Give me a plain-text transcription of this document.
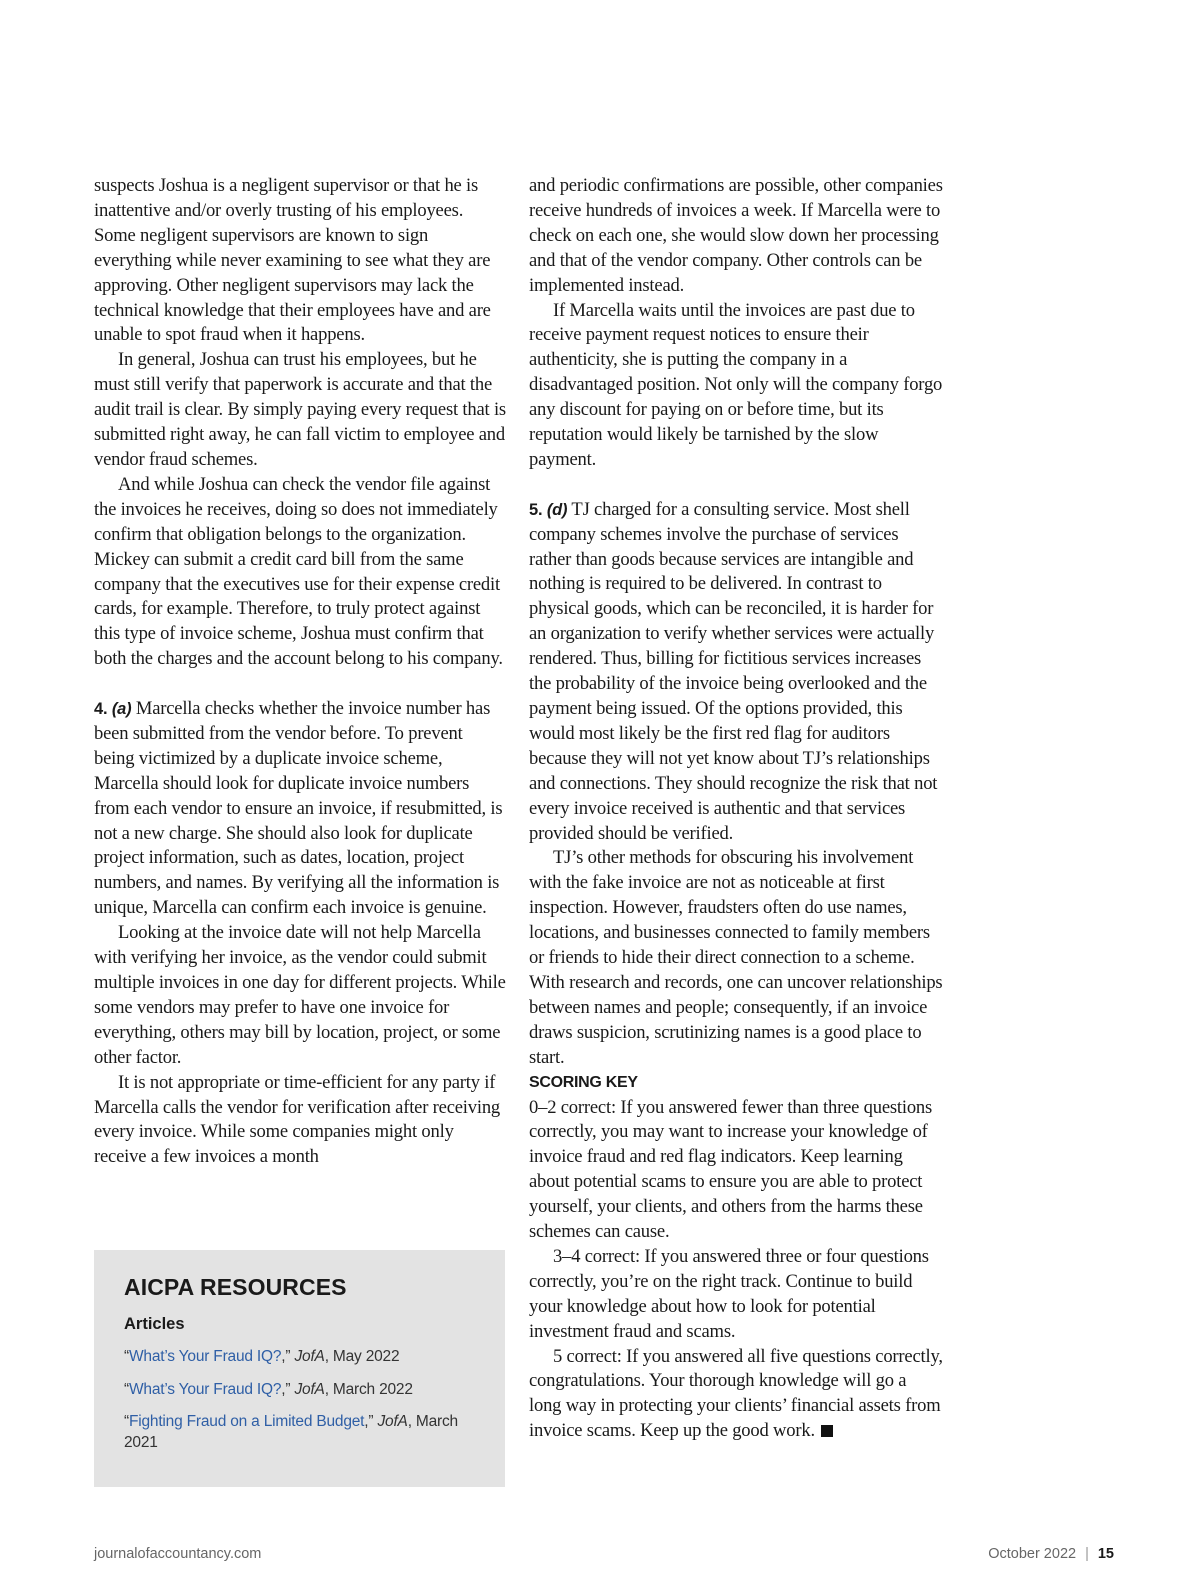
suspects Joshua is a negligent supervisor or that he is inattentive and/or overly trusting of his employees. Some negligent supervisors are known to sign everything while never examining to see what they are approving. Other negligent supervisors may lack the technical knowledge that their employees have and are unable to spot fraud when it happens.

In general, Joshua can trust his employees, but he must still verify that paperwork is accurate and that the audit trail is clear. By simply paying every request that is submitted right away, he can fall victim to employee and vendor fraud schemes.

And while Joshua can check the vendor file against the invoices he receives, doing so does not immediately confirm that obligation belongs to the organization. Mickey can submit a credit card bill from the same company that the executives use for their expense credit cards, for example. Therefore, to truly protect against this type of invoice scheme, Joshua must confirm that both the charges and the account belong to his company.

4. (a) Marcella checks whether the invoice number has been submitted from the vendor before. To prevent being victimized by a duplicate invoice scheme, Marcella should look for duplicate invoice numbers from each vendor to ensure an invoice, if resubmitted, is not a new charge. She should also look for duplicate project information, such as dates, location, project numbers, and names. By verifying all the information is unique, Marcella can confirm each invoice is genuine.

Looking at the invoice date will not help Marcella with verifying her invoice, as the vendor could submit multiple invoices in one day for different projects. While some vendors may prefer to have one invoice for everything, others may bill by location, project, or some other factor.

It is not appropriate or time-efficient for any party if Marcella calls the vendor for verification after receiving every invoice. While some companies might only receive a few invoices a month

and periodic confirmations are possible, other companies receive hundreds of invoices a week. If Marcella were to check on each one, she would slow down her processing and that of the vendor company. Other controls can be implemented instead.

If Marcella waits until the invoices are past due to receive payment request notices to ensure their authenticity, she is putting the company in a disadvantaged position. Not only will the company forgo any discount for paying on or before time, but its reputation would likely be tarnished by the slow payment.

5. (d) TJ charged for a consulting service. Most shell company schemes involve the purchase of services rather than goods because services are intangible and nothing is required to be delivered. In contrast to physical goods, which can be reconciled, it is harder for an organization to verify whether services were actually rendered. Thus, billing for fictitious services increases the probability of the invoice being overlooked and the payment being issued. Of the options provided, this would most likely be the first red flag for auditors because they will not yet know about TJ’s relationships and connections. They should recognize the risk that not every invoice received is authentic and that services provided should be verified.

TJ’s other methods for obscuring his involvement with the fake invoice are not as noticeable at first inspection. However, fraudsters often do use names, locations, and businesses connected to family members or friends to hide their direct connection to a scheme. With research and records, one can uncover relationships between names and people; consequently, if an invoice draws suspicion, scrutinizing names is a good place to start.

SCORING KEY

0–2 correct: If you answered fewer than three questions correctly, you may want to increase your knowledge of invoice fraud and red flag indicators. Keep learning about potential scams to ensure you are able to protect yourself, your clients, and others from the harms these schemes can cause.

3–4 correct: If you answered three or four questions correctly, you’re on the right track. Continue to build your knowledge about how to look for potential investment fraud and scams.

5 correct: If you answered all five questions correctly, congratulations. Your thorough knowledge will go a long way in protecting your clients’ financial assets from invoice scams. Keep up the good work.

AICPA RESOURCES
Articles
“What’s Your Fraud IQ?,” JofA, May 2022
“What’s Your Fraud IQ?,” JofA, March 2022
“Fighting Fraud on a Limited Budget,” JofA, March 2021
journalofaccountancy.com	October 2022 | 15
